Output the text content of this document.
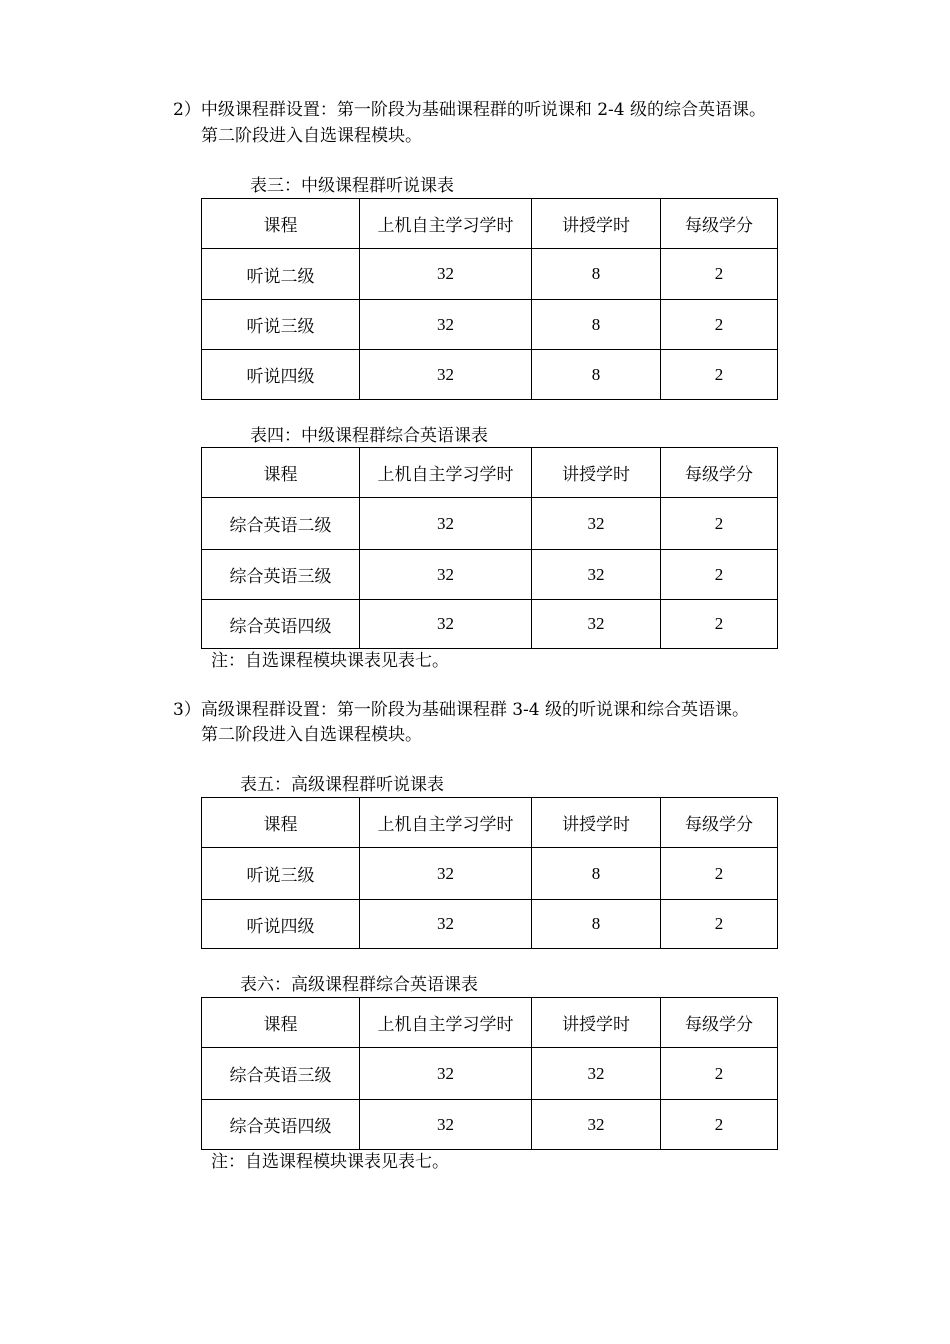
2）中级课程群设置：第一阶段为基础课程群的听说课和 2-4 级的综合英语课。
第二阶段进入自选课程模块。
表三：中级课程群听说课表
课程	上机自主学习学时	讲授学时	每级学分
听说二级	32	8	2
听说三级	32	8	2
听说四级	32	8	2
表四：中级课程群综合英语课表
课程	上机自主学习学时	讲授学时	每级学分
综合英语二级	32	32	2
综合英语三级	32	32	2
综合英语四级	32	32	2
注：自选课程模块课表见表七。
3）高级课程群设置：第一阶段为基础课程群 3-4 级的听说课和综合英语课。
第二阶段进入自选课程模块。
表五：高级课程群听说课表
课程	上机自主学习学时	讲授学时	每级学分
听说三级	32	8	2
听说四级	32	8	2
表六：高级课程群综合英语课表
课程	上机自主学习学时	讲授学时	每级学分
综合英语三级	32	32	2
综合英语四级	32	32	2
注：自选课程模块课表见表七。
